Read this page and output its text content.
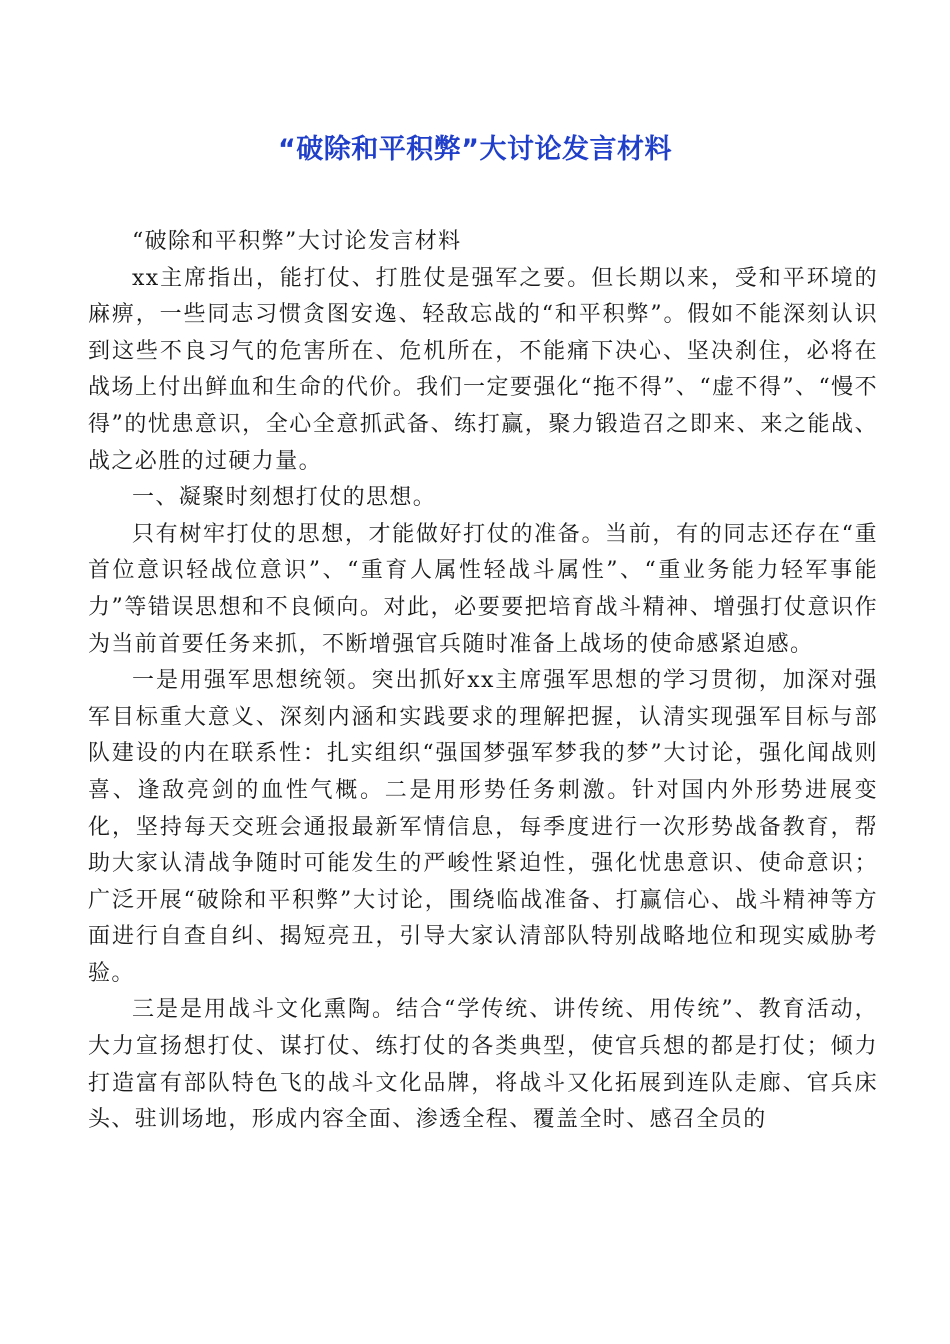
“破除和平积弊”大讨论发言材料

“破除和平积弊”大讨论发言材料

xx主席指出，能打仗、打胜仗是强军之要。但长期以来，受和平环境的麻痹，一些同志习惯贪图安逸、轻敌忘战的“和平积弊”。假如不能深刻认识到这些不良习气的危害所在、危机所在，不能痛下决心、坚决刹住，必将在战场上付出鲜血和生命的代价。我们一定要强化“拖不得”、“虚不得”、“慢不得”的忧患意识，全心全意抓武备、练打赢，聚力锻造召之即来、来之能战、战之必胜的过硬力量。

一、凝聚时刻想打仗的思想。

只有树牢打仗的思想，才能做好打仗的准备。当前，有的同志还存在“重首位意识轻战位意识”、“重育人属性轻战斗属性”、“重业务能力轻军事能力”等错误思想和不良倾向。对此，必要要把培育战斗精神、增强打仗意识作为当前首要任务来抓，不断增强官兵随时准备上战场的使命感紧迫感。

一是用强军思想统领。突出抓好xx主席强军思想的学习贯彻，加深对强军目标重大意义、深刻内涵和实践要求的理解把握，认清实现强军目标与部队建设的内在联系性：扎实组织“强国梦强军梦我的梦”大讨论，强化闻战则喜、逢敌亮剑的血性气概。二是用形势任务刺激。针对国内外形势进展变化，坚持每天交班会通报最新军情信息，每季度进行一次形势战备教育，帮助大家认清战争随时可能发生的严峻性紧迫性，强化忧患意识、使命意识；广泛开展“破除和平积弊”大讨论，围绕临战准备、打赢信心、战斗精神等方面进行自查自纠、揭短亮丑，引导大家认清部队特别战略地位和现实威胁考验。

三是是用战斗文化熏陶。结合“学传统、讲传统、用传统”、教育活动，大力宣扬想打仗、谋打仗、练打仗的各类典型，使官兵想的都是打仗；倾力打造富有部队特色飞的战斗文化品牌，将战斗又化拓展到连队走廊、官兵床头、驻训场地，形成内容全面、渗透全程、覆盖全时、感召全员的
